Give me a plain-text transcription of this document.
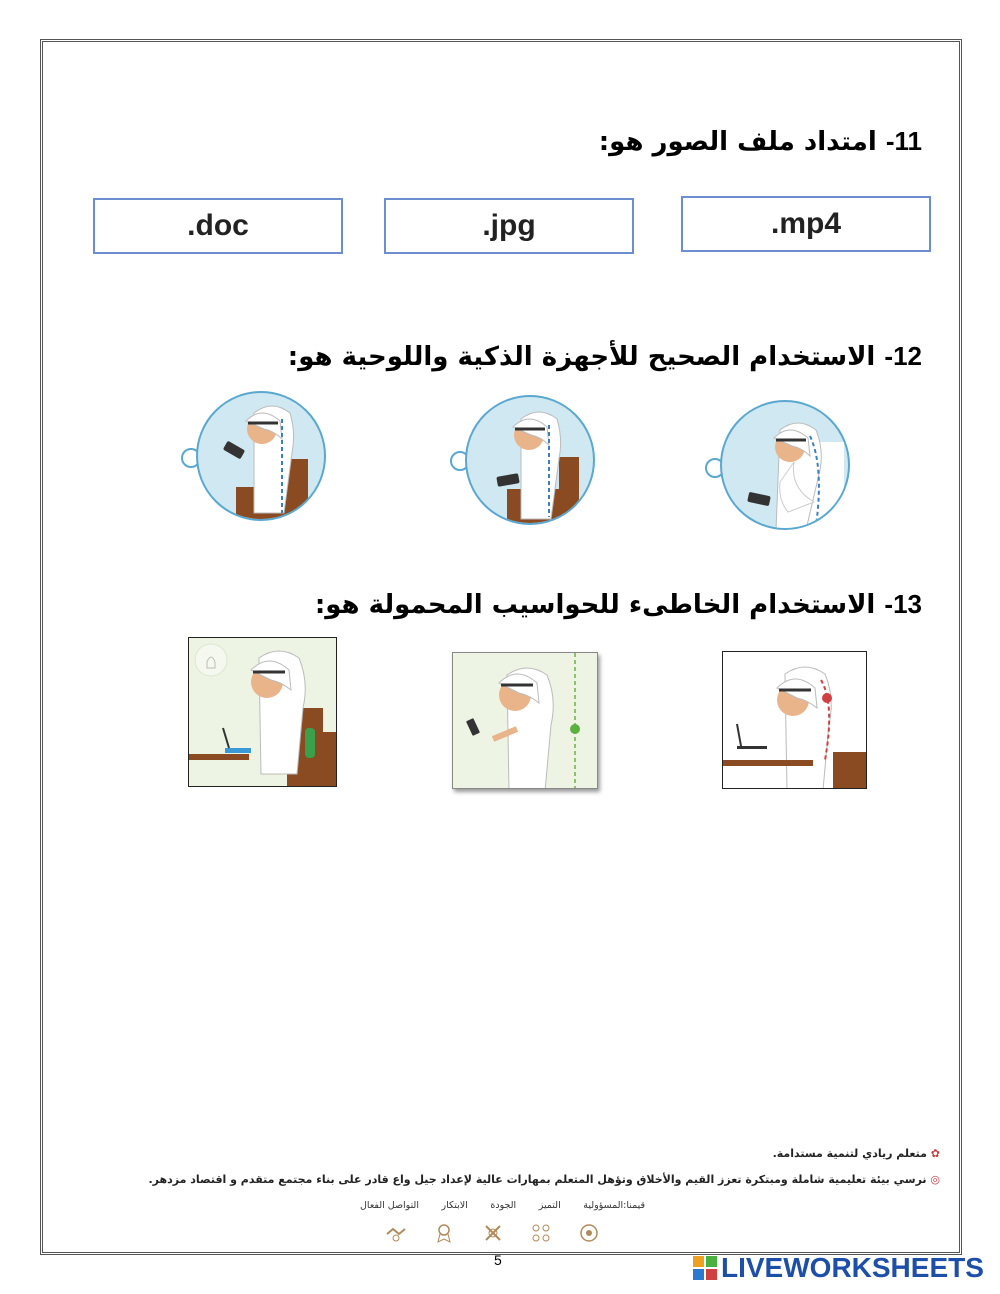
11- امتداد ملف الصور هو:
.mp4
.jpg
.doc
12- الاستخدام الصحيح للأجهزة الذكية واللوحية هو:
13- الاستخدام الخاطىء للحواسيب المحمولة هو:
✿ متعلم ريادي لتنمية مستدامة.
◎ نرسي بيئة تعليمية شاملة ومبتكرة تعزز القيم والأخلاق وتؤهل المتعلم بمهارات عالية لإعداد جيل واع قادر على بناء مجتمع متقدم و اقتصاد مزدهر.
قيمنا:المسؤولية
التميز
الجودة
الابتكار
التواصل الفعال
5	LIVEWORKSHEETS
